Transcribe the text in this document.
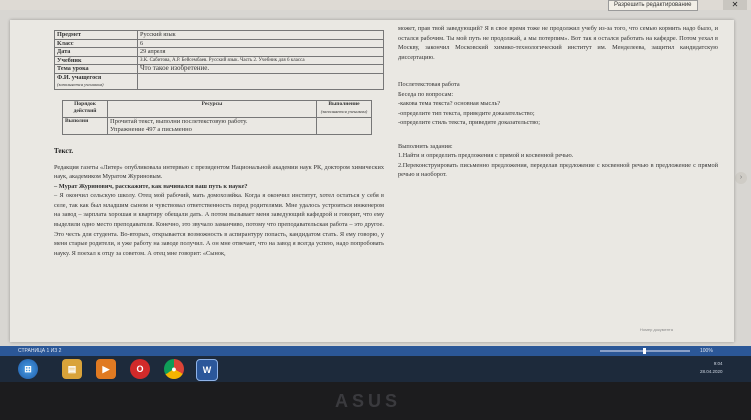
Разрешить редактирование	✕
›
Предмет	Русский язык
Класс	6
Дата	29 апреля
Учебник	З.К. Сабитова, А.Р. Бейсембаев. Русский язык. Часть 2. Учебник для 6 класса
Тема урока	Что такое изобретение.
Ф.И. учащегося
(заполняется учеником)	
Порядок действий	Ресурсы	Выполнение
(заполняется учеником)
Выполни	Прочитай текст, выполни послетекстовую работу.
Упражнение 497 а письменно	
Текст.
Редакция газеты «Литер» опубликовала интервью с президентом Национальной академии наук РК, доктором химических наук, академиком Муратом Журиновым.
– Мурат Журинович, расскажите, как начинался ваш путь к науке?
– Я окончил сельскую школу. Отец мой рабочий, мать домохозяйка. Когда я окончил институт, хотел остаться у себя в селе, так как был младшим сыном и чувствовал ответственность перед родителями. Мне удалось устроиться инженером на завод – зарплата хорошая и квартиру обещали дать. А потом вызывает меня заведующий кафедрой и говорит, что ему выделили одно место преподавателя. Конечно, это звучало заманчиво, потому что преподавательская работа – это другое. Это честь для студента. Во-вторых, открывается возможность в аспирантуру попасть, кандидатом стать. Я ему говорю, у меня старые родители, я уже работу на заводе получил. А он мне отвечает, что на завод я всегда успею, надо попробовать науку. Я поехал к отцу за советом. А отец мне говорит: «Сынок,
может, прав твой заведующий? Я в свое время тоже не продолжил учебу из-за того, что семью кормить надо было, и остался рабочим. Ты мой путь не продолжай, а мы потерпим». Вот так я остался работать на кафедре. Потом уехал в Москву, закончил Московский химико-технологический институт им. Менделеева, защитил кандидатскую диссертацию.
Послетекстовая работа
Беседа по вопросам:
-какова тема текста? основная мысль?
-определите тип текста, приведите доказательство;
-определите стиль текста, приведите доказательство;
Выполнить задания:
1.Найти и определить предложения с прямой и косвенной речью.
2.Переконструировать письменно предложения, переделав предложение с косвенной речью в предложение с прямой речью и наоборот.
Номер документа
СТРАНИЦА 1 ИЗ 2	100%
⊞	▤	▶	O	●	W
9:04
28.04.2020
ASUS
